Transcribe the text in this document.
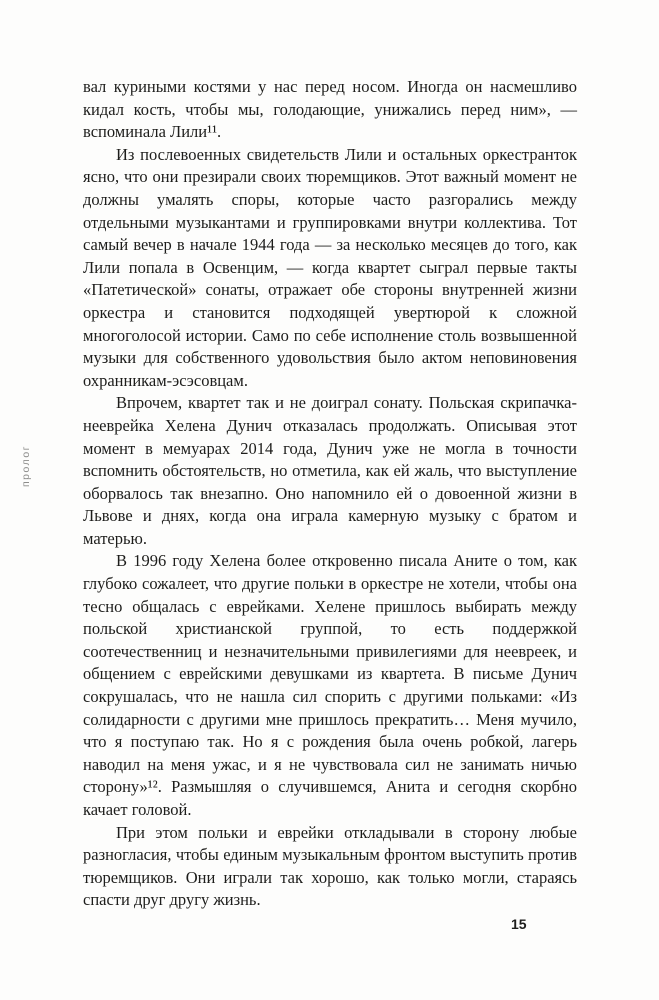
пролог

вал куриными костями у нас перед носом. Иногда он насмешливо кидал кость, чтобы мы, голодающие, унижались перед ним», — вспоминала Лили¹¹.

Из послевоенных свидетельств Лили и остальных оркестранток ясно, что они презирали своих тюремщиков. Этот важный момент не должны умалять споры, которые часто разгорались между отдельными музыкантами и группировками внутри коллектива. Тот самый вечер в начале 1944 года — за несколько месяцев до того, как Лили попала в Освенцим, — когда квартет сыграл первые такты «Патетической» сонаты, отражает обе стороны внутренней жизни оркестра и становится подходящей увертюрой к сложной многоголосой истории. Само по себе исполнение столь возвышенной музыки для собственного удовольствия было актом неповиновения охранникам-эсэсовцам.

Впрочем, квартет так и не доиграл сонату. Польская скрипачка-нееврейка Хелена Дунич отказалась продолжать. Описывая этот момент в мемуарах 2014 года, Дунич уже не могла в точности вспомнить обстоятельств, но отметила, как ей жаль, что выступление оборвалось так внезапно. Оно напомнило ей о довоенной жизни в Львове и днях, когда она играла камерную музыку с братом и матерью.

В 1996 году Хелена более откровенно писала Аните о том, как глубоко сожалеет, что другие польки в оркестре не хотели, чтобы она тесно общалась с еврейками. Хелене пришлось выбирать между польской христианской группой, то есть поддержкой соотечественниц и незначительными привилегиями для неевреек, и общением с еврейскими девушками из квартета. В письме Дунич сокрушалась, что не нашла сил спорить с другими польками: «Из солидарности с другими мне пришлось прекратить… Меня мучило, что я поступаю так. Но я с рождения была очень робкой, лагерь наводил на меня ужас, и я не чувствовала сил не занимать ничью сторону»¹². Размышляя о случившемся, Анита и сегодня скорбно качает головой.

При этом польки и еврейки откладывали в сторону любые разногласия, чтобы единым музыкальным фронтом выступить против тюремщиков. Они играли так хорошо, как только могли, стараясь спасти друг другу жизнь.

15
